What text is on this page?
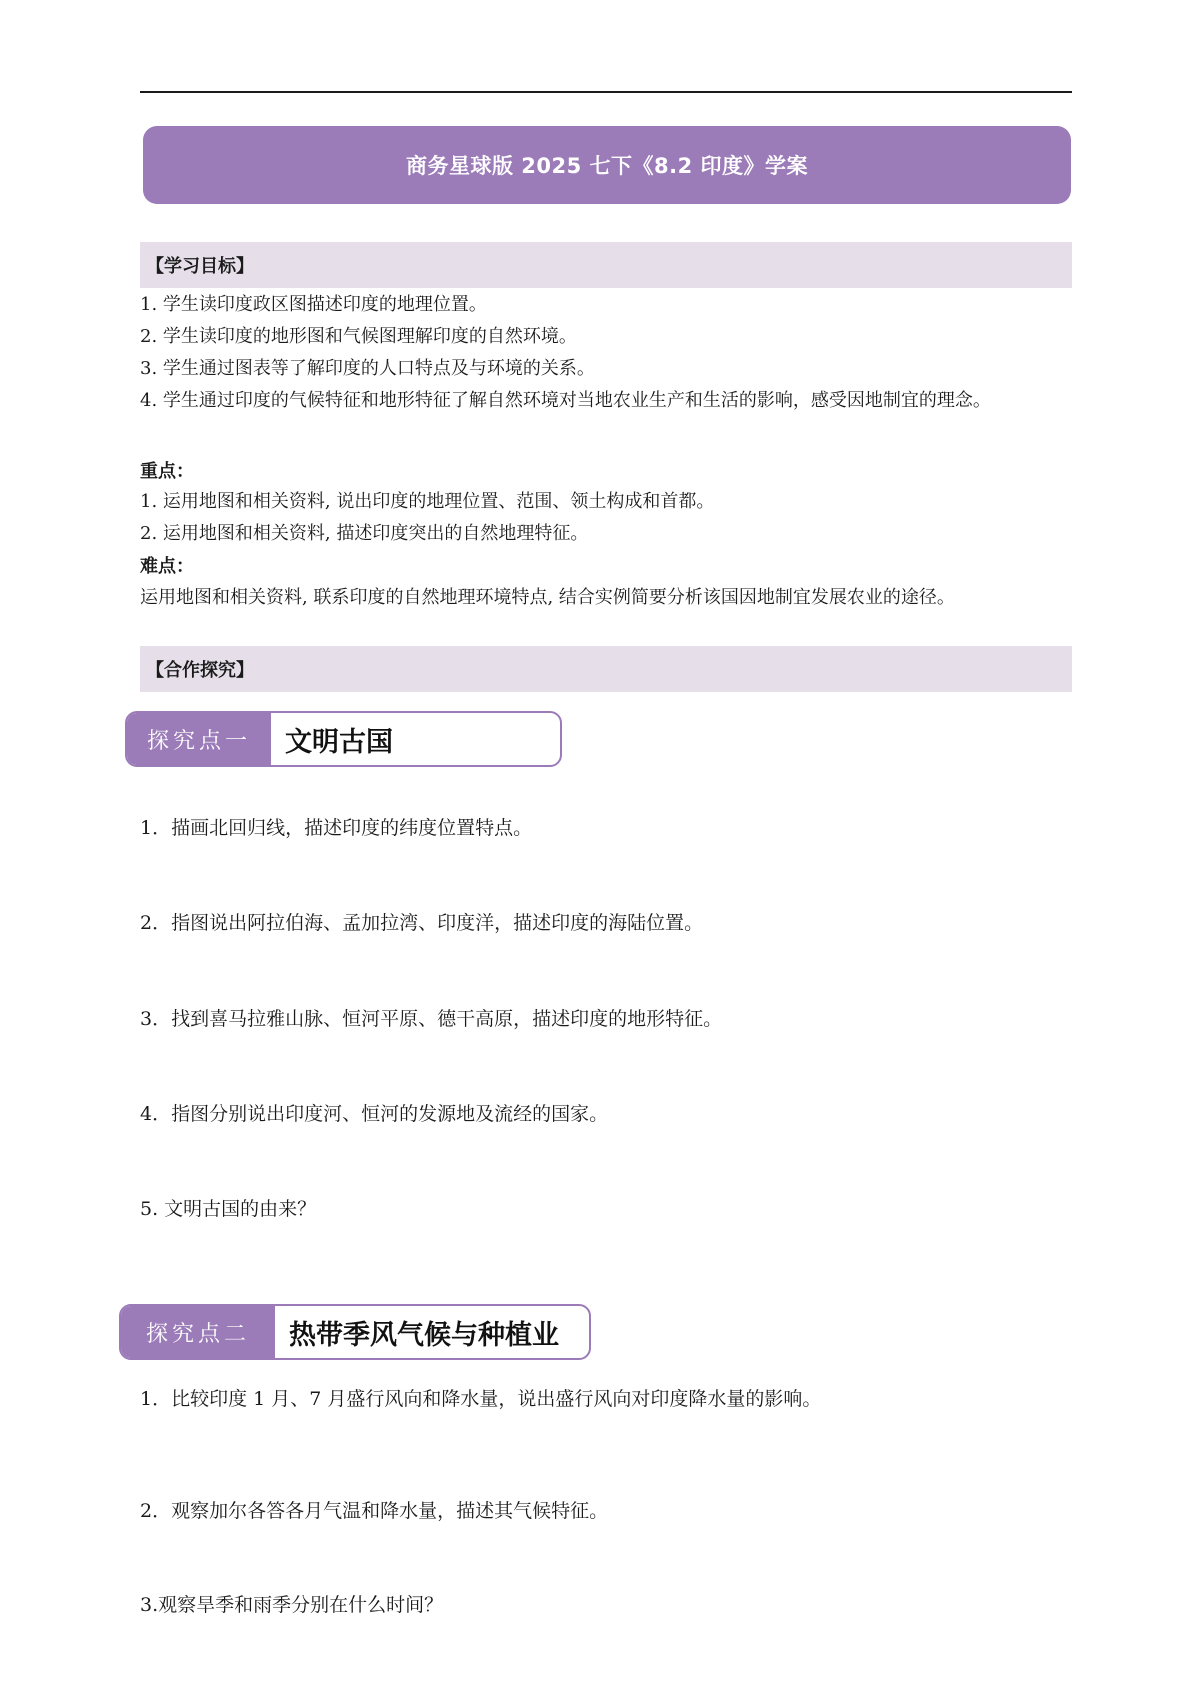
商务星球版 2025 七下《8.2 印度》学案
【学习目标】
1. 学生读印度政区图描述印度的地理位置。
2. 学生读印度的地形图和气候图理解印度的自然环境。
3. 学生通过图表等了解印度的人口特点及与环境的关系。
4. 学生通过印度的气候特征和地形特征了解自然环境对当地农业生产和生活的影响，感受因地制宜的理念。
重点：
1. 运用地图和相关资料, 说出印度的地理位置、范围、领土构成和首都。
2. 运用地图和相关资料, 描述印度突出的自然地理特征。
难点：
运用地图和相关资料, 联系印度的自然地理环境特点, 结合实例简要分析该国因地制宜发展农业的途径。
【合作探究】
探究点一	文明古国
1．描画北回归线，描述印度的纬度位置特点。
2．指图说出阿拉伯海、孟加拉湾、印度洋，描述印度的海陆位置。
3．找到喜马拉雅山脉、恒河平原、德干高原，描述印度的地形特征。
4．指图分别说出印度河、恒河的发源地及流经的国家。
5. 文明古国的由来？
探究点二	热带季风气候与种植业
1．比较印度 1 月、7 月盛行风向和降水量，说出盛行风向对印度降水量的影响。
2．观察加尔各答各月气温和降水量，描述其气候特征。
3.观察旱季和雨季分别在什么时间？
